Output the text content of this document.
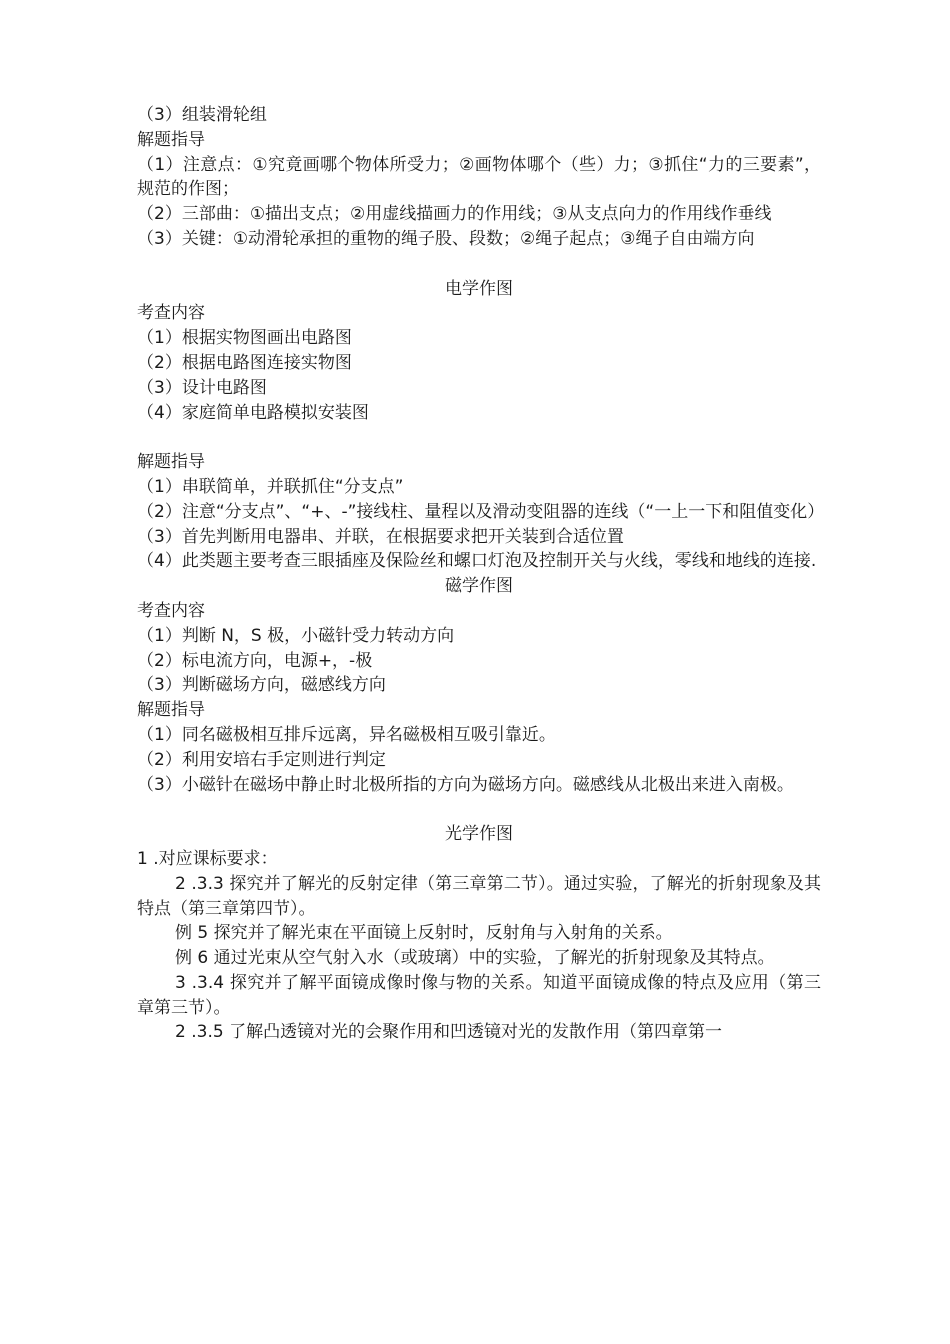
（3）组装滑轮组
解题指导
（1）注意点：①究竟画哪个物体所受力；②画物体哪个（些）力；③抓住“力的三要素”，规范的作图；
（2）三部曲：①描出支点；②用虚线描画力的作用线；③从支点向力的作用线作垂线
（3）关键：①动滑轮承担的重物的绳子股、段数；②绳子起点；③绳子自由端方向
电学作图
考查内容
（1）根据实物图画出电路图
（2）根据电路图连接实物图
（3）设计电路图
（4）家庭简单电路模拟安装图
解题指导
（1）串联简单，并联抓住“分支点”
（2）注意“分支点”、“+、-”接线柱、量程以及滑动变阻器的连线（“一上一下和阻值变化）
（3）首先判断用电器串、并联，在根据要求把开关装到合适位置
（4）此类题主要考查三眼插座及保险丝和螺口灯泡及控制开关与火线，零线和地线的连接.
磁学作图
考查内容
（1）判断 N，S 极，小磁针受力转动方向
（2）标电流方向，电源+，-极
（3）判断磁场方向，磁感线方向
解题指导
（1）同名磁极相互排斥远离，异名磁极相互吸引靠近。
（2）利用安培右手定则进行判定
（3）小磁针在磁场中静止时北极所指的方向为磁场方向。磁感线从北极出来进入南极。
光学作图
1 .对应课标要求：
2 .3.3 探究并了解光的反射定律（第三章第二节）。通过实验，了解光的折射现象及其特点（第三章第四节）。
例 5 探究并了解光束在平面镜上反射时，反射角与入射角的关系。
例 6 通过光束从空气射入水（或玻璃）中的实验，了解光的折射现象及其特点。
3 .3.4 探究并了解平面镜成像时像与物的关系。知道平面镜成像的特点及应用（第三章第三节）。
2 .3.5 了解凸透镜对光的会聚作用和凹透镜对光的发散作用（第四章第一
